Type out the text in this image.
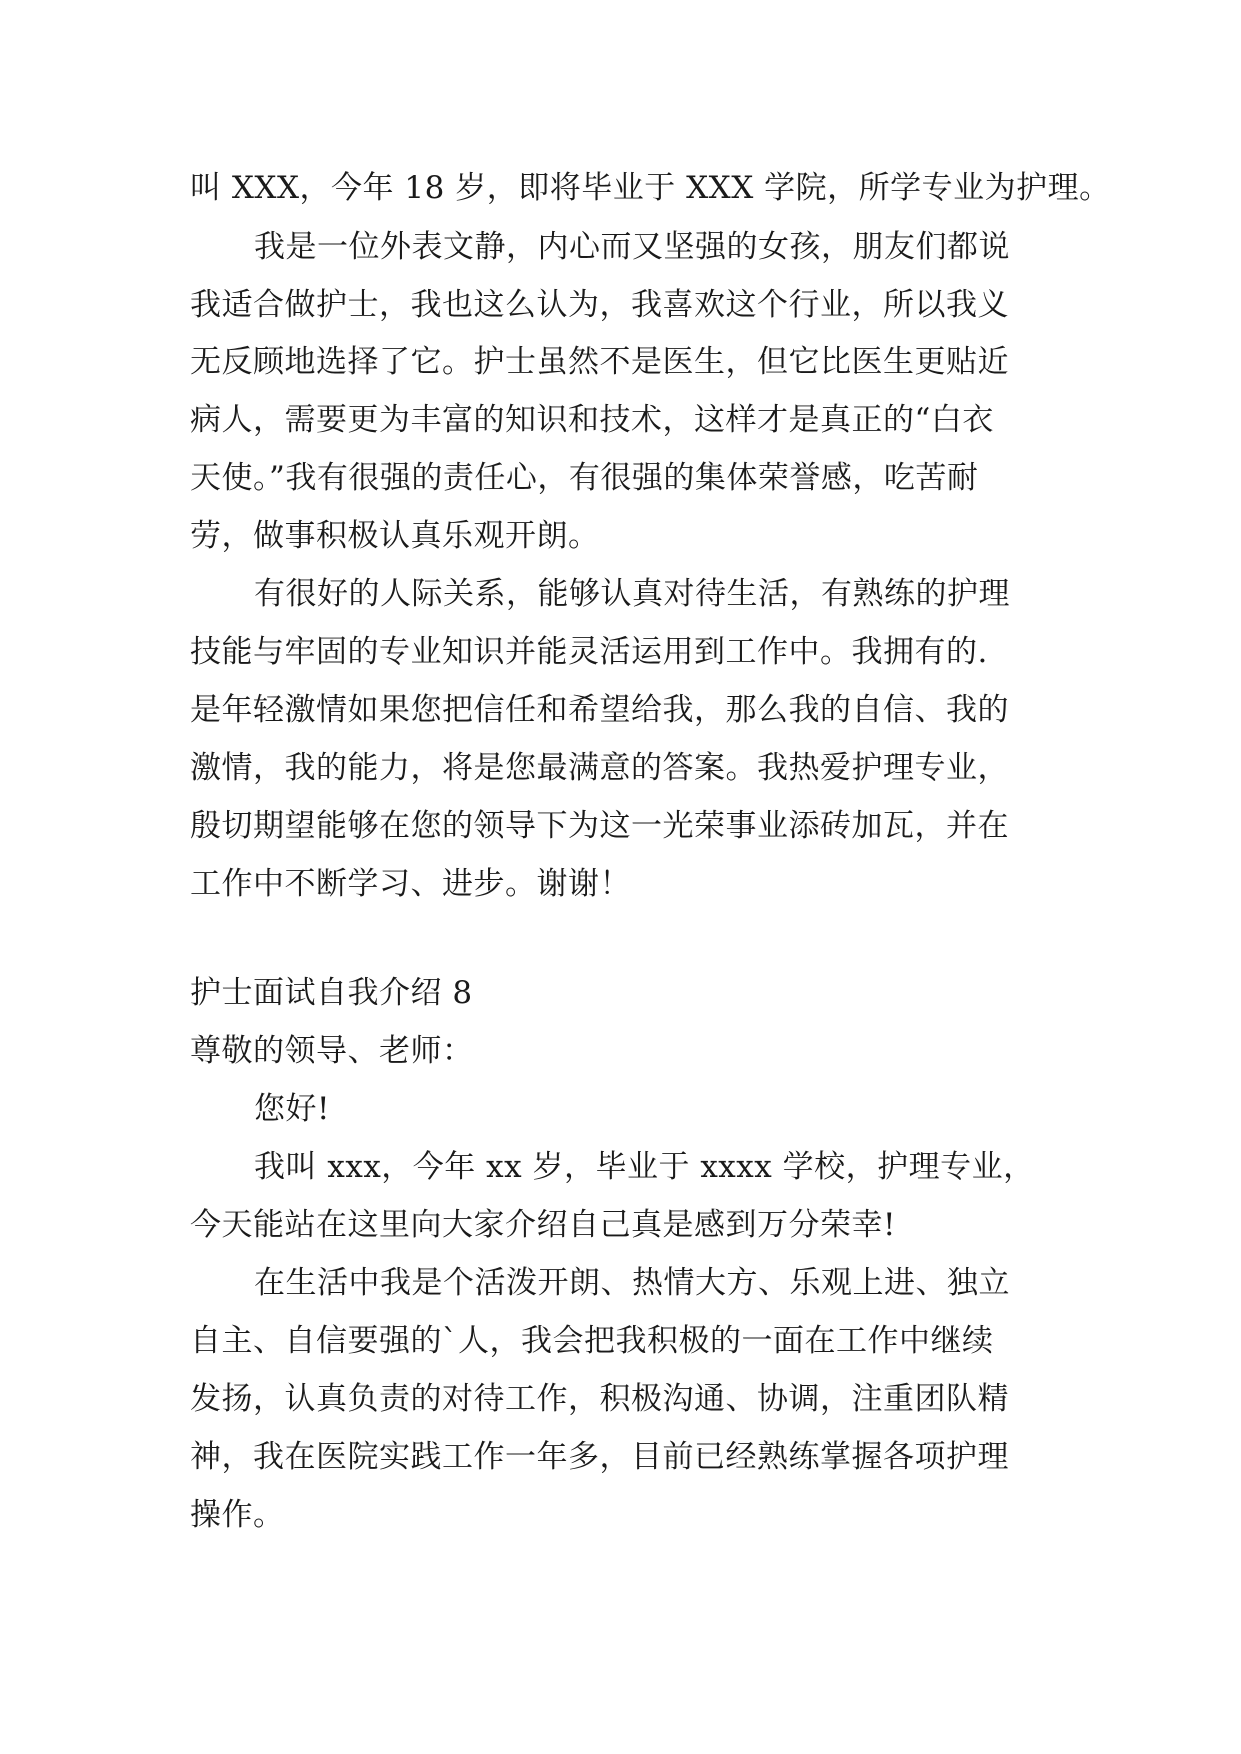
叫 XXX，今年 18 岁，即将毕业于 XXX 学院，所学专业为护理。
我是一位外表文静，内心而又坚强的女孩，朋友们都说
我适合做护士，我也这么认为，我喜欢这个行业，所以我义
无反顾地选择了它。护士虽然不是医生，但它比医生更贴近
病人，需要更为丰富的知识和技术，这样才是真正的“白衣
天使。”我有很强的责任心，有很强的集体荣誉感，吃苦耐
劳，做事积极认真乐观开朗。
有很好的人际关系，能够认真对待生活，有熟练的护理
技能与牢固的专业知识并能灵活运用到工作中。我拥有的.
是年轻激情如果您把信任和希望给我，那么我的自信、我的
激情，我的能力，将是您最满意的答案。我热爱护理专业，
殷切期望能够在您的领导下为这一光荣事业添砖加瓦，并在
工作中不断学习、进步。谢谢！
护士面试自我介绍 8
尊敬的领导、老师：
您好!
我叫 xxx，今年 xx 岁，毕业于 xxxx 学校，护理专业，
今天能站在这里向大家介绍自己真是感到万分荣幸!
在生活中我是个活泼开朗、热情大方、乐观上进、独立
自主、自信要强的`人，我会把我积极的一面在工作中继续
发扬，认真负责的对待工作，积极沟通、协调，注重团队精
神，我在医院实践工作一年多，目前已经熟练掌握各项护理
操作。
